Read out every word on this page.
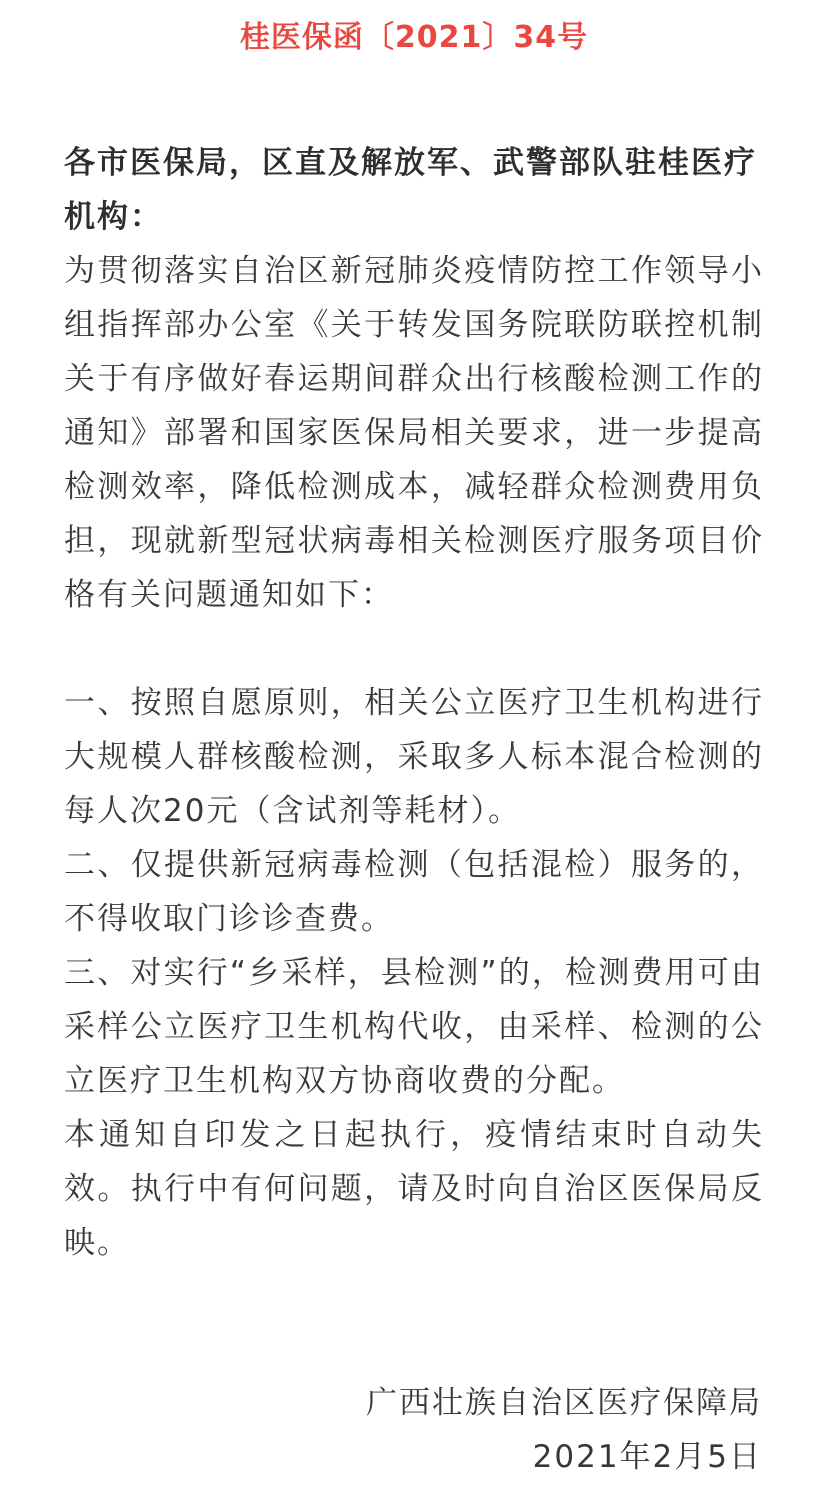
桂医保函〔2021〕34号
各市医保局，区直及解放军、武警部队驻桂医疗机构：
为贯彻落实自治区新冠肺炎疫情防控工作领导小组指挥部办公室《关于转发国务院联防联控机制关于有序做好春运期间群众出行核酸检测工作的通知》部署和国家医保局相关要求，进一步提高检测效率，降低检测成本，减轻群众检测费用负担，现就新型冠状病毒相关检测医疗服务项目价格有关问题通知如下：
一、按照自愿原则，相关公立医疗卫生机构进行大规模人群核酸检测，采取多人标本混合检测的每人次20元（含试剂等耗材）。
二、仅提供新冠病毒检测（包括混检）服务的，不得收取门诊诊查费。
三、对实行“乡采样，县检测”的，检测费用可由采样公立医疗卫生机构代收，由采样、检测的公立医疗卫生机构双方协商收费的分配。
本通知自印发之日起执行，疫情结束时自动失效。执行中有何问题，请及时向自治区医保局反映。
广西壮族自治区医疗保障局
2021年2月5日
